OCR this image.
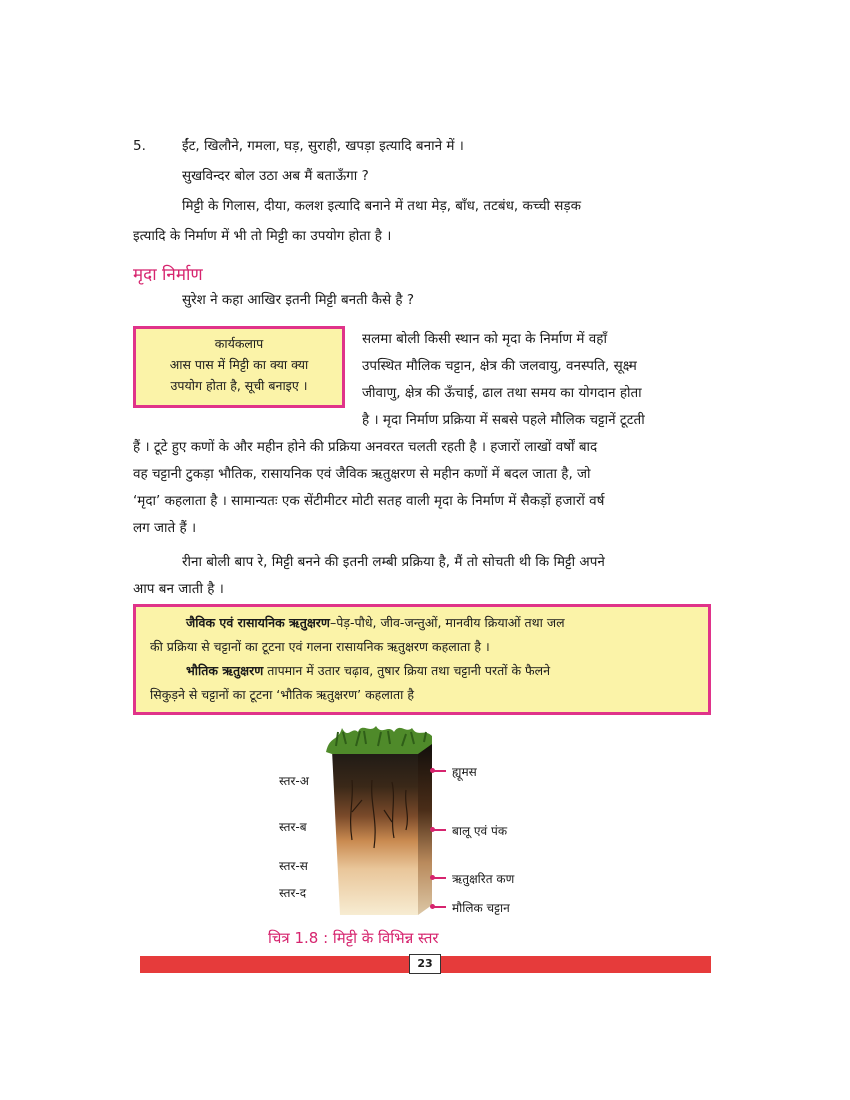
5.	ईंट, खिलौने, गमला, घड़, सुराही, खपड़ा इत्यादि बनाने में ।
सुखविन्दर बोल उठा अब मैं बताऊँगा ?
मिट्टी के गिलास, दीया, कलश इत्यादि बनाने में तथा मेड़, बाँध, तटबंध, कच्ची सड़क
इत्यादि के निर्माण में भी तो मिट्टी का उपयोग होता है ।
मृदा निर्माण
सुरेश ने कहा आखिर इतनी मिट्टी बनती कैसे है ?
कार्यकलाप
आस पास में मिट्टी का क्या क्या
उपयोग होता है, सूची बनाइए ।
सलमा बोली किसी स्थान को मृदा के निर्माण में वहाँ
उपस्थित मौलिक चट्टान, क्षेत्र की जलवायु, वनस्पति, सूक्ष्म
जीवाणु, क्षेत्र की ऊँचाई, ढाल तथा समय का योगदान होता
है । मृदा निर्माण प्रक्रिया में सबसे पहले मौलिक चट्टानें टूटती
हैं । टूटे हुए कणों के और महीन होने की प्रक्रिया अनवरत चलती रहती है । हजारों लाखों वर्षों बाद
वह चट्टानी टुकड़ा भौतिक, रासायनिक एवं जैविक ऋतुक्षरण से महीन कणों में बदल जाता है, जो
‘मृदा’ कहलाता है । सामान्यतः एक सेंटीमीटर मोटी सतह वाली मृदा के निर्माण में सैकड़ों हजारों वर्ष
लग जाते हैं ।
रीना बोली बाप रे, मिट्टी बनने की इतनी लम्बी प्रक्रिया है, मैं तो सोचती थी कि मिट्टी अपने
आप बन जाती है ।
जैविक एवं रासायनिक ऋतुक्षरण–पेड़-पौधे, जीव-जन्तुओं, मानवीय क्रियाओं तथा जल
की प्रक्रिया से चट्टानों का टूटना एवं गलना रासायनिक ऋतुक्षरण कहलाता है ।
भौतिक ऋतुक्षरण तापमान में उतार चढ़ाव, तुषार क्रिया तथा चट्टानी परतों के फैलने
सिकुड़ने से चट्टानों का टूटना ‘भौतिक ऋतुक्षरण’ कहलाता है
स्तर-अ
स्तर-ब
स्तर-स
स्तर-द
ह्यूमस
बालू एवं पंक
ऋतुक्षरित कण
मौलिक चट्टान
चित्र 1.8 : मिट्टी के विभिन्न स्तर
23
